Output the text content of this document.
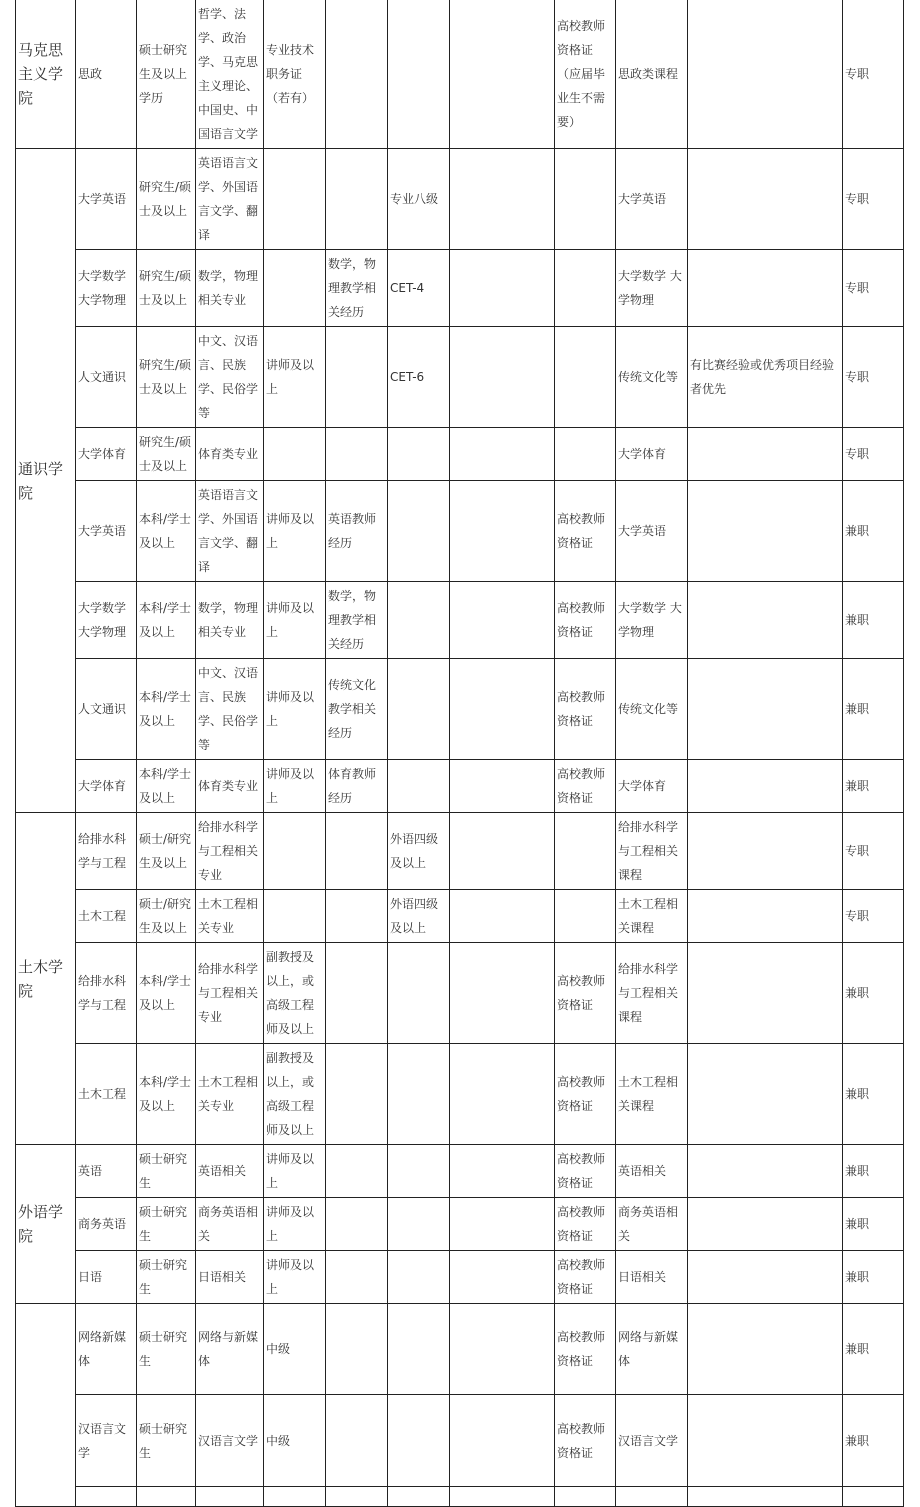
马克思主义学院	思政	硕士研究生及以上学历	哲学、法学、政治学、马克思主义理论、中国史、中国语言文学	专业技术职务证（若有）				高校教师资格证（应届毕业生不需要）	思政类课程		专职
通识学院	大学英语	研究生/硕士及以上	英语语言文学、外国语言文学、翻译			专业八级			大学英语		专职
	大学数学大学物理	研究生/硕士及以上	数学，物理相关专业		数学，物理教学相关经历	CET-4			大学数学 大学物理		专职
	人文通识	研究生/硕士及以上	中文、汉语言、民族学、民俗学等	讲师及以上		CET-6			传统文化等	有比赛经验或优秀项目经验者优先	专职
	大学体育	研究生/硕士及以上	体育类专业						大学体育		专职
	大学英语	本科/学士及以上	英语语言文学、外国语言文学、翻译	讲师及以上	英语教师经历			高校教师资格证	大学英语		兼职
	大学数学大学物理	本科/学士及以上	数学，物理相关专业	讲师及以上	数学，物理教学相关经历			高校教师资格证	大学数学 大学物理		兼职
	人文通识	本科/学士及以上	中文、汉语言、民族学、民俗学等	讲师及以上	传统文化教学相关经历			高校教师资格证	传统文化等		兼职
	大学体育	本科/学士及以上	体育类专业	讲师及以上	体育教师经历			高校教师资格证	大学体育		兼职
土木学院	给排水科学与工程	硕士/研究生及以上	给排水科学与工程相关专业			外语四级及以上			给排水科学与工程相关课程		专职
	土木工程	硕士/研究生及以上	土木工程相关专业			外语四级及以上			土木工程相关课程		专职
	给排水科学与工程	本科/学士及以上	给排水科学与工程相关专业	副教授及以上，或高级工程师及以上				高校教师资格证	给排水科学与工程相关课程		兼职
	土木工程	本科/学士及以上	土木工程相关专业	副教授及以上，或高级工程师及以上				高校教师资格证	土木工程相关课程		兼职
外语学院	英语	硕士研究生	英语相关	讲师及以上				高校教师资格证	英语相关		兼职
	商务英语	硕士研究生	商务英语相关	讲师及以上				高校教师资格证	商务英语相关		兼职
	日语	硕士研究生	日语相关	讲师及以上				高校教师资格证	日语相关		兼职
	网络新媒体	硕士研究生	网络与新媒体	中级				高校教师资格证	网络与新媒体		兼职
	汉语言文学	硕士研究生	汉语言文学	中级				高校教师资格证	汉语言文学		兼职
